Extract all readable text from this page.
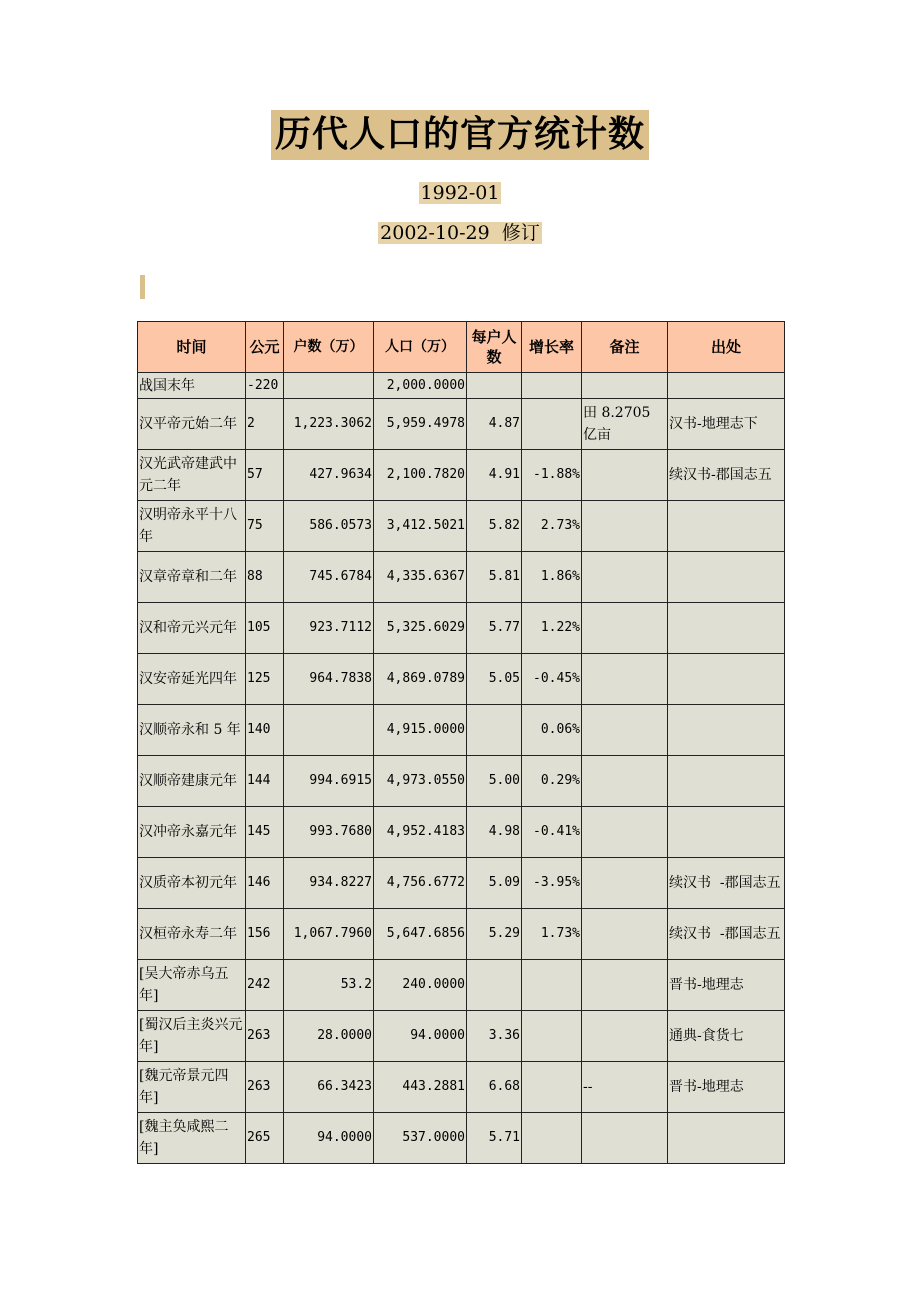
历代人口的官方统计数
1992-01
2002-10-29  修订
时间	公元	户数（万）	人口（万）	每户人数	增长率	备注	出处
战国末年	-220		2,000.0000				
汉平帝元始二年	2	1,223.3062	5,959.4978	4.87		田 8.2705 亿亩	汉书-地理志下
汉光武帝建武中元二年	57	427.9634	2,100.7820	4.91	-1.88%		续汉书-郡国志五
汉明帝永平十八年	75	586.0573	3,412.5021	5.82	2.73%		
汉章帝章和二年	88	745.6784	4,335.6367	5.81	1.86%		
汉和帝元兴元年	105	923.7112	5,325.6029	5.77	1.22%		
汉安帝延光四年	125	964.7838	4,869.0789	5.05	-0.45%		
汉顺帝永和 5 年	140		4,915.0000		0.06%		
汉顺帝建康元年	144	994.6915	4,973.0550	5.00	0.29%		
汉冲帝永嘉元年	145	993.7680	4,952.4183	4.98	-0.41%		
汉质帝本初元年	146	934.8227	4,756.6772	5.09	-3.95%		续汉书  -郡国志五
汉桓帝永寿二年	156	1,067.7960	5,647.6856	5.29	1.73%		续汉书  -郡国志五
[吴大帝赤乌五年]	242	53.2	240.0000				晋书-地理志
[蜀汉后主炎兴元年]	263	28.0000	94.0000	3.36			通典-食货七
[魏元帝景元四年]	263	66.3423	443.2881	6.68		--	晋书-地理志
[魏主奂咸熙二年]	265	94.0000	537.0000	5.71			
